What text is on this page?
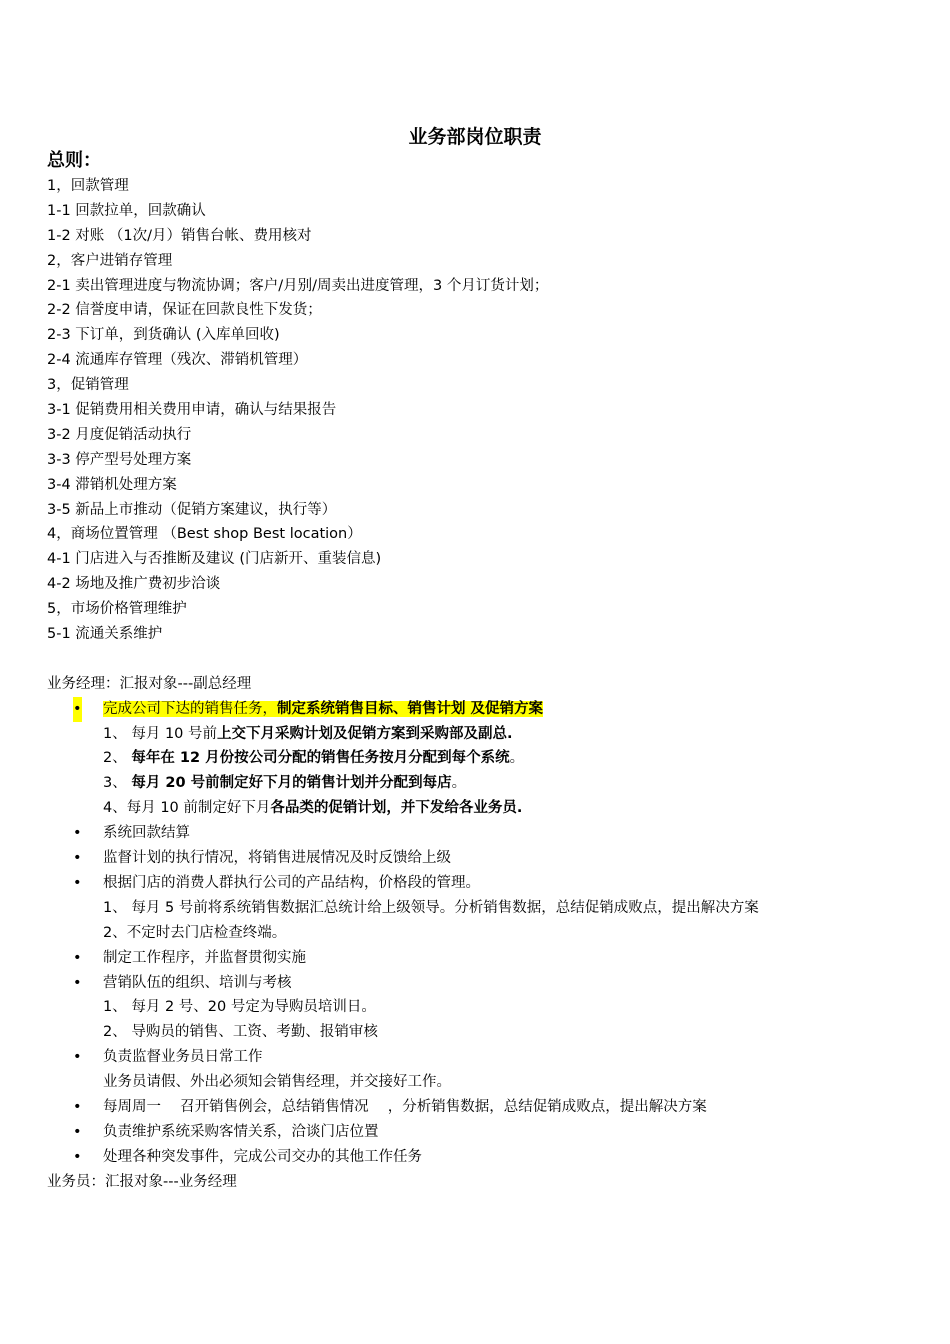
业务部岗位职责
总则：
1，回款管理
1-1 回款拉单，回款确认
1-2 对账 （1次/月）销售台帐、费用核对
2，客户进销存管理
2-1 卖出管理进度与物流协调；客户/月别/周卖出进度管理，3 个月订货计划；
2-2 信誉度申请，保证在回款良性下发货；
2-3 下订单，到货确认 (入库单回收)
2-4 流通库存管理（残次、滞销机管理）
3，促销管理
3-1 促销费用相关费用申请，确认与结果报告
3-2 月度促销活动执行
3-3 停产型号处理方案
3-4 滞销机处理方案
3-5 新品上市推动（促销方案建议，执行等）
4，商场位置管理 （Best shop Best location）
4-1 门店进入与否推断及建议 (门店新开、重装信息)
4-2 场地及推广费初步洽谈
5，市场价格管理维护
5-1 流通关系维护
业务经理：汇报对象---副总经理
• 完成公司下达的销售任务，制定系统销售目标、销售计划 及促销方案
1、 每月 10 号前上交下月采购计划及促销方案到采购部及副总.
2、 每年在 12 月份按公司分配的销售任务按月分配到每个系统。
3、 每月 20 号前制定好下月的销售计划并分配到每店。
4、每月 10 前制定好下月各品类的促销计划，并下发给各业务员.
• 系统回款结算
• 监督计划的执行情况，将销售进展情况及时反馈给上级
• 根据门店的消费人群执行公司的产品结构，价格段的管理。
1、 每月 5 号前将系统销售数据汇总统计给上级领导。分析销售数据，总结促销成败点，提出解决方案
2、不定时去门店检查终端。
• 制定工作程序，并监督贯彻实施
• 营销队伍的组织、培训与考核
1、 每月 2 号、20 号定为导购员培训日。
2、 导购员的销售、工资、考勤、报销审核
• 负责监督业务员日常工作
业务员请假、外出必须知会销售经理，并交接好工作。
• 每周周一　 召开销售例会，总结销售情况　 ，分析销售数据，总结促销成败点，提出解决方案
• 负责维护系统采购客情关系，洽谈门店位置
• 处理各种突发事件，完成公司交办的其他工作任务
业务员：汇报对象---业务经理
